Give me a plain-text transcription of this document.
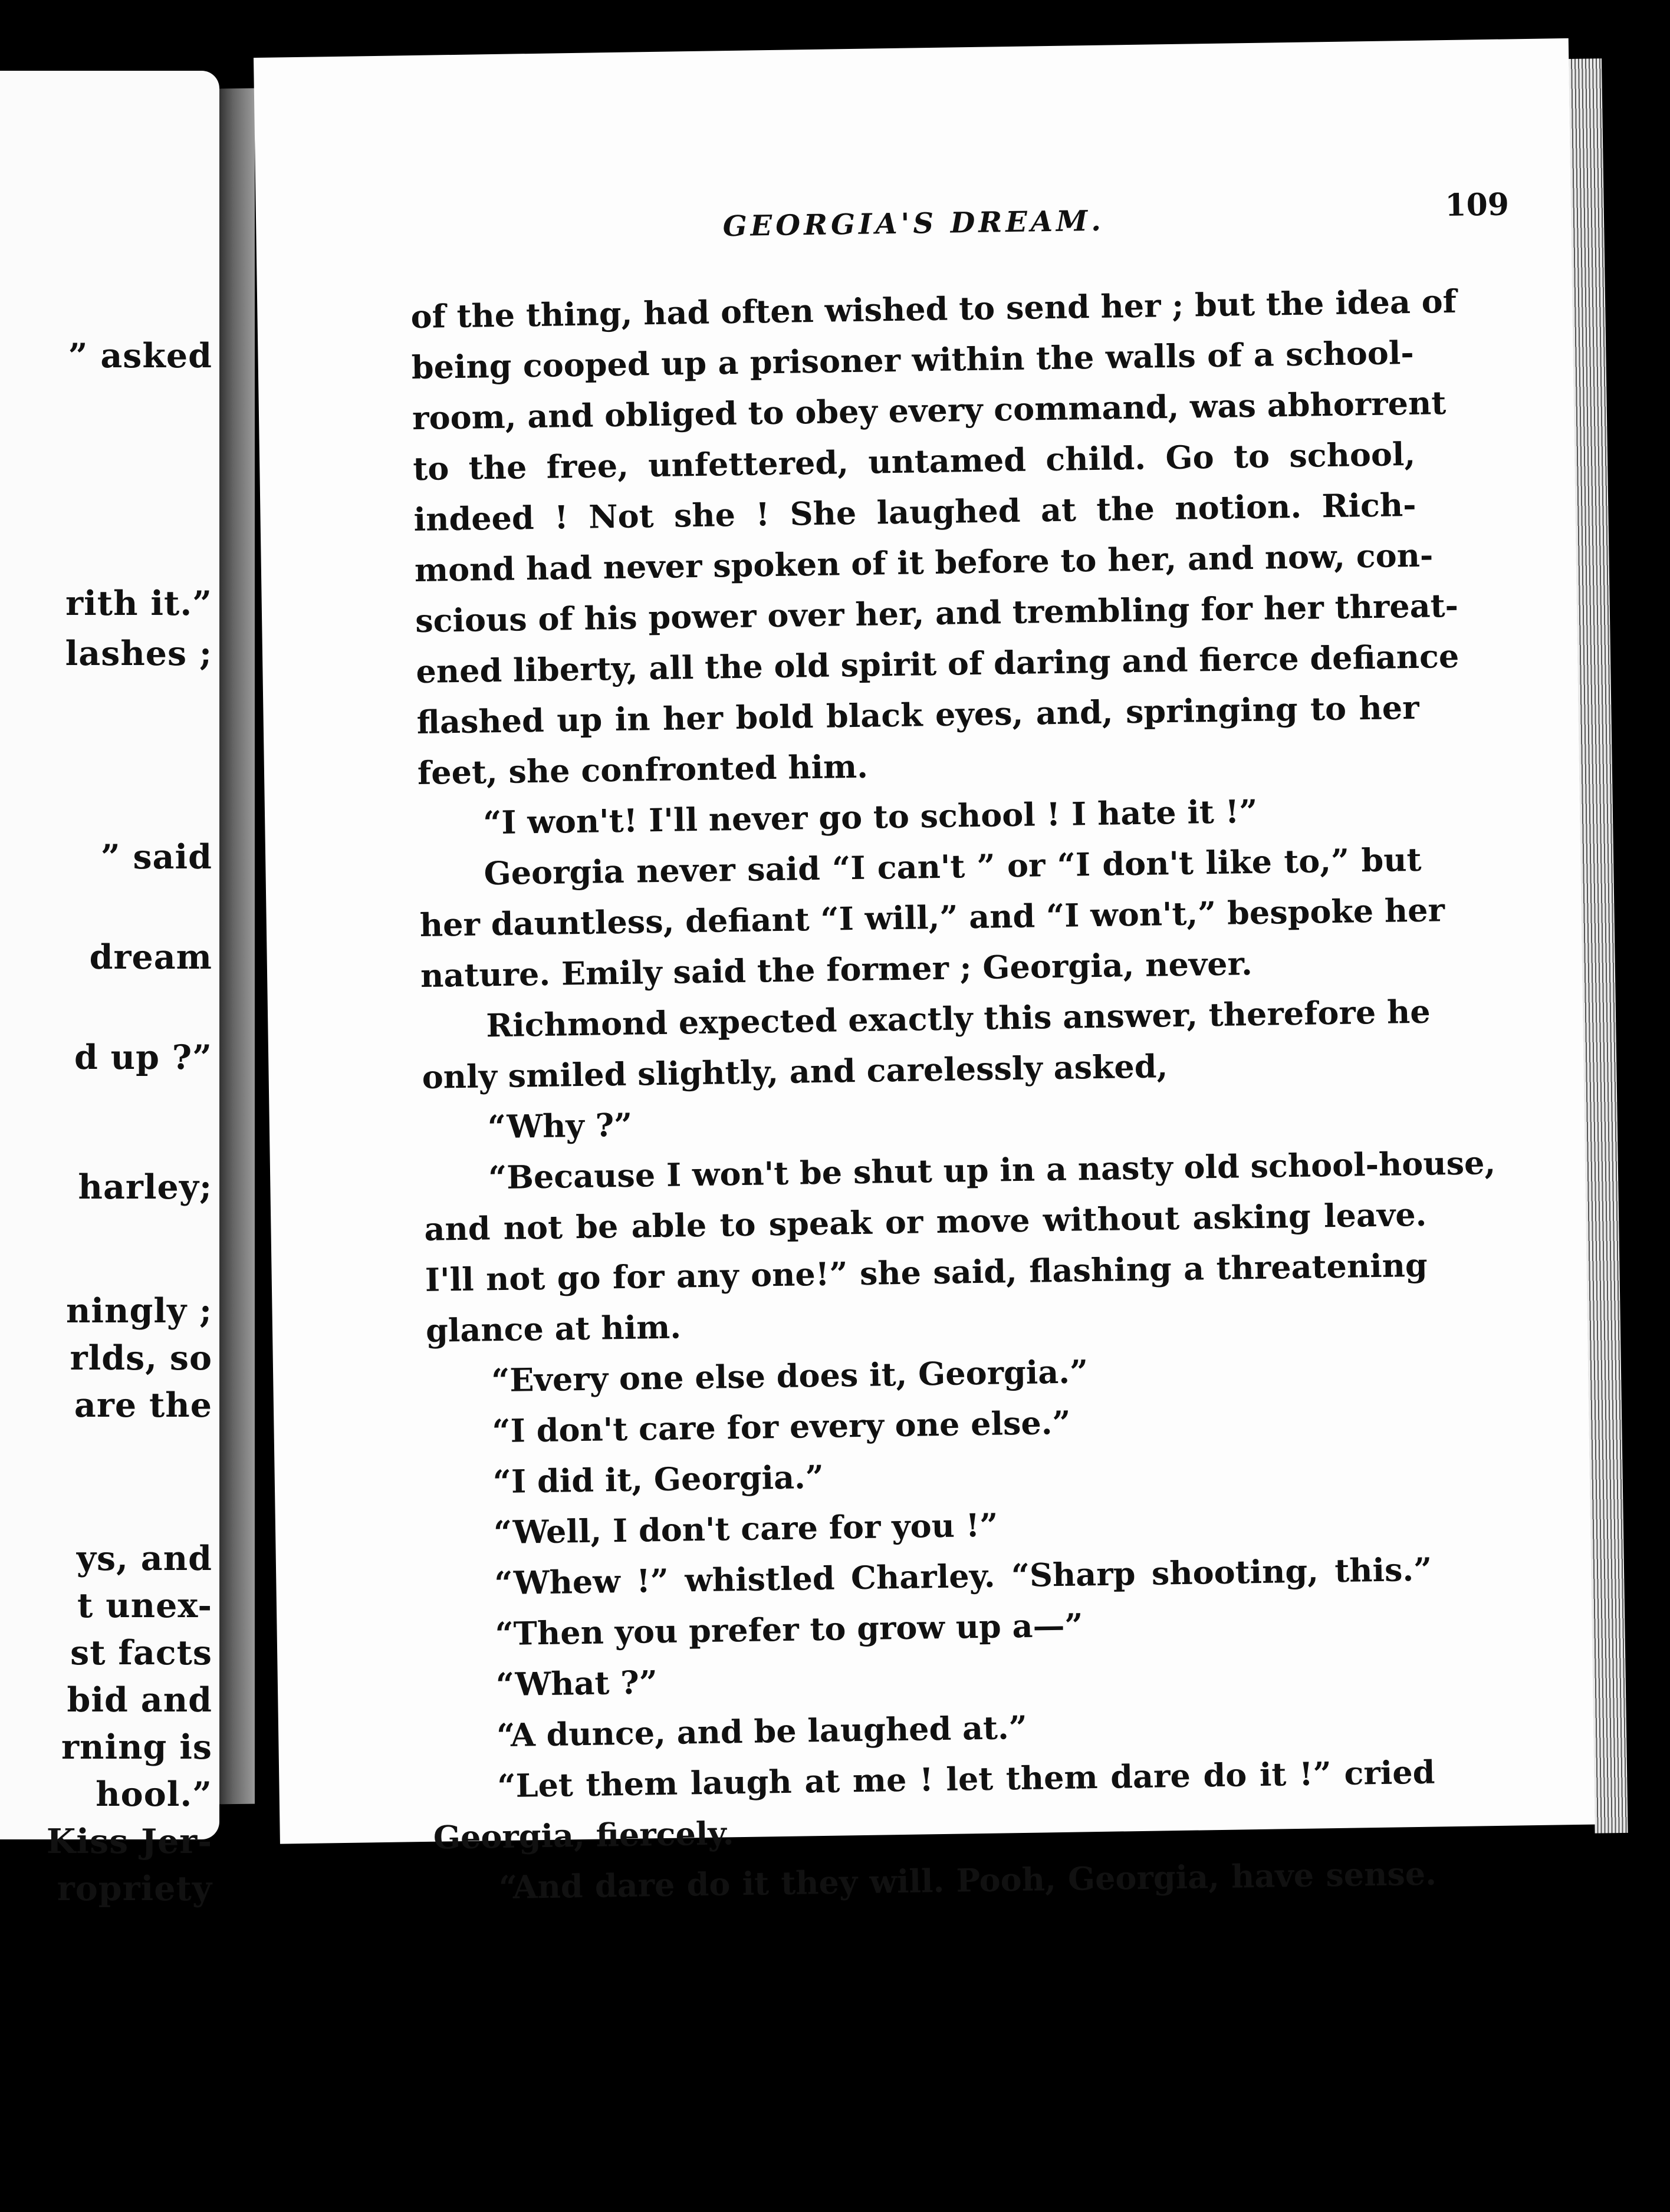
” asked
rith it.”
lashes ;
” said
dream
d up ?”
harley;
ningly ;
rlds, so
are the
ys, and
t unex-
st facts
bid and
rning is
hool.”
Kiss Jer-
ropriety
GEORGIA'S DREAM.	109
of the thing, had often wished to send her ; but the idea of
being cooped up a prisoner within the walls of a school-
room, and obliged to obey every command, was abhorrent
to the free, unfettered, untamed child. Go to school,
indeed ! Not she ! She laughed at the notion. Rich-
mond had never spoken of it before to her, and now, con-
scious of his power over her, and trembling for her threat-
ened liberty, all the old spirit of daring and fierce defiance
flashed up in her bold black eyes, and, springing to her
feet, she confronted him.
“I won't! I'll never go to school ! I hate it !”
Georgia never said “I can't ” or “I don't like to,” but
her dauntless, defiant “I will,” and “I won't,” bespoke her
nature. Emily said the former ; Georgia, never.
Richmond expected exactly this answer, therefore he
only smiled slightly, and carelessly asked,
“Why ?”
“Because I won't be shut up in a nasty old school-house,
and not be able to speak or move without asking leave.
I'll not go for any one!” she said, flashing a threatening
glance at him.
“Every one else does it, Georgia.”
“I don't care for every one else.”
“I did it, Georgia.”
“Well, I don't care for you !”
“Whew !” whistled Charley. “Sharp shooting, this.”
“Then you prefer to grow up a—”
“What ?”
“A dunce, and be laughed at.”
“Let them laugh at me ! let them dare do it !” cried
Georgia, fiercely.
“And dare do it they will. Pooh, Georgia, have sense.
